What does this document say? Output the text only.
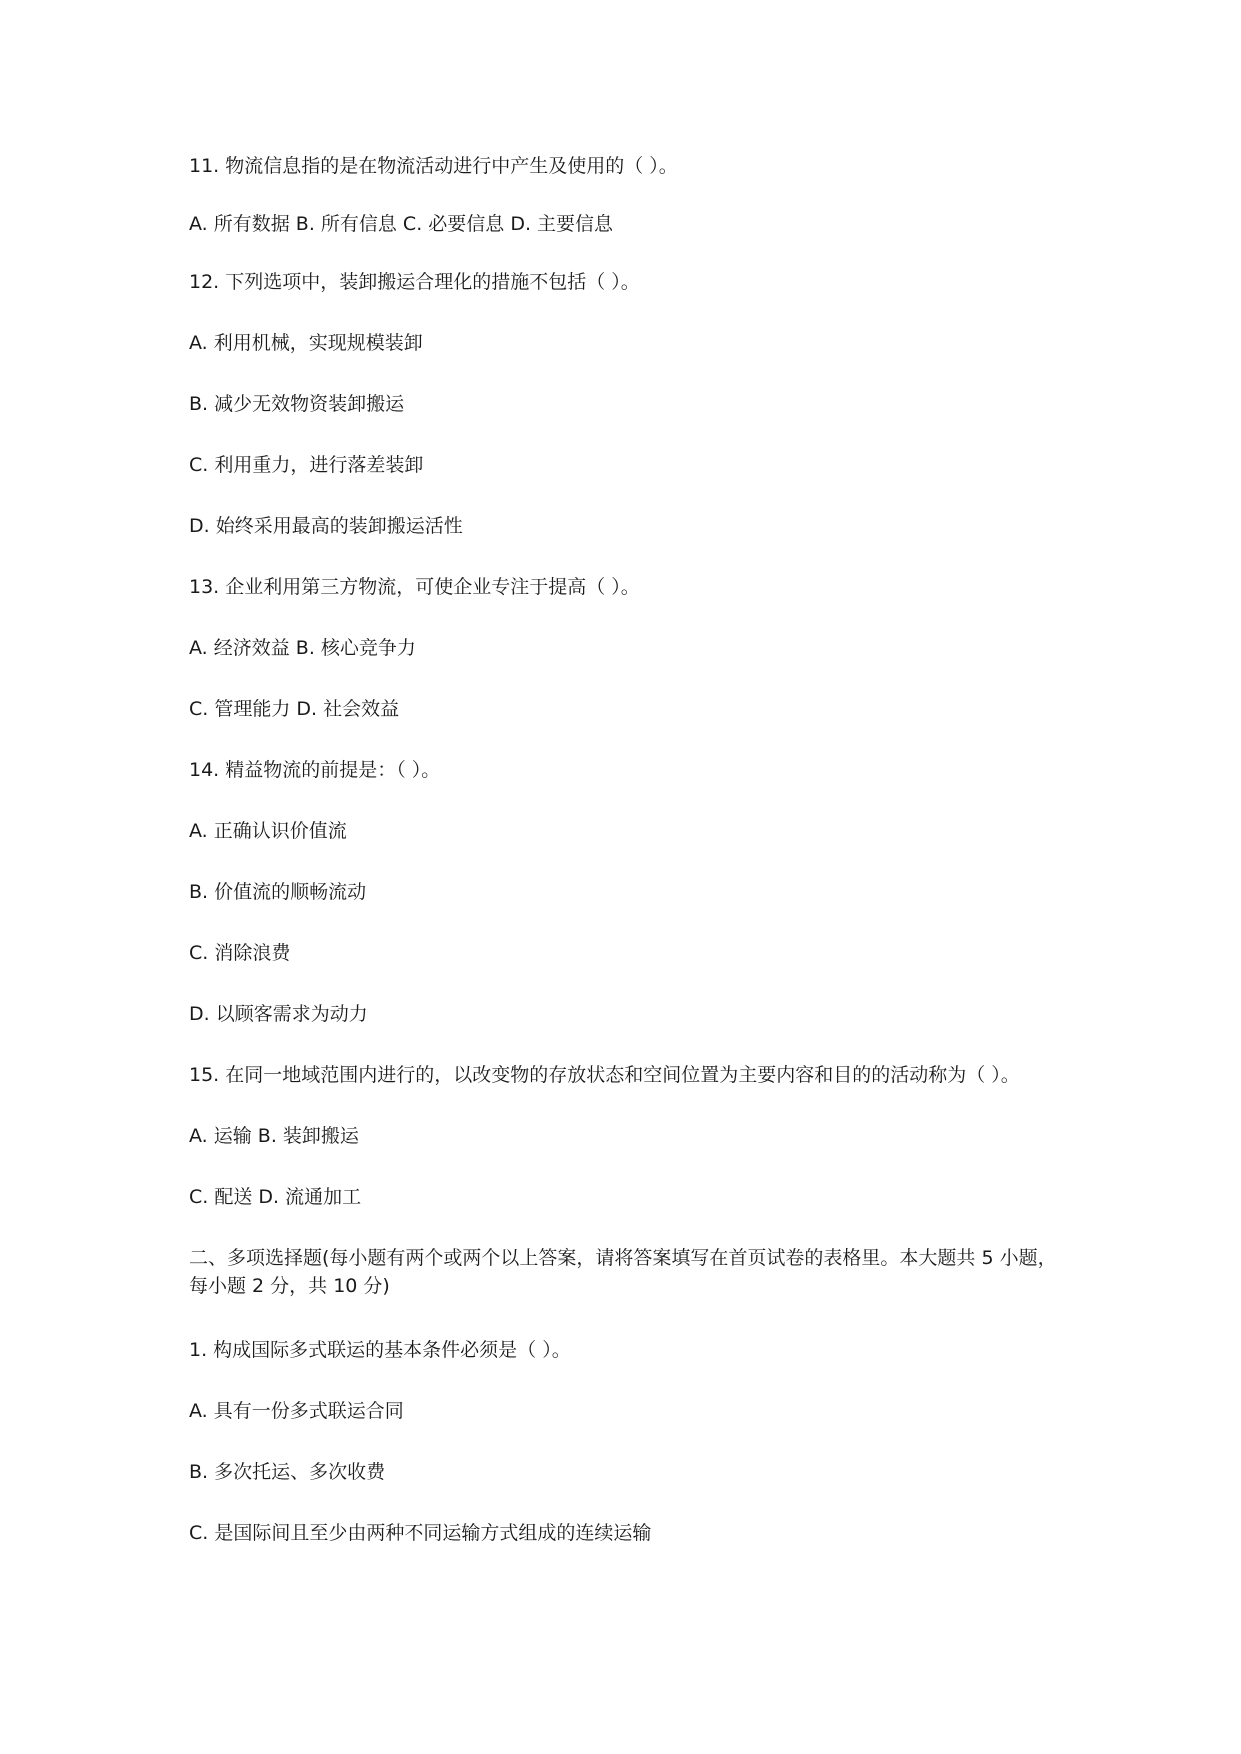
11. 物流信息指的是在物流活动进行中产生及使用的（ ）。
A. 所有数据 B. 所有信息 C. 必要信息 D. 主要信息
12. 下列选项中，装卸搬运合理化的措施不包括（ ）。
A. 利用机械，实现规模装卸
B. 减少无效物资装卸搬运
C. 利用重力，进行落差装卸
D. 始终采用最高的装卸搬运活性
13. 企业利用第三方物流，可使企业专注于提高（ ）。
A. 经济效益 B. 核心竞争力
C. 管理能力 D. 社会效益
14. 精益物流的前提是：（ ）。
A. 正确认识价值流
B. 价值流的顺畅流动
C. 消除浪费
D. 以顾客需求为动力
15. 在同一地域范围内进行的，以改变物的存放状态和空间位置为主要内容和目的的活动称为（ ）。
A. 运输 B. 装卸搬运
C. 配送 D. 流通加工
二、多项选择题(每小题有两个或两个以上答案，请将答案填写在首页试卷的表格里。本大题共 5 小题，每小题 2 分，共 10 分)
1. 构成国际多式联运的基本条件必须是（ ）。
A. 具有一份多式联运合同
B. 多次托运、多次收费
C. 是国际间且至少由两种不同运输方式组成的连续运输
